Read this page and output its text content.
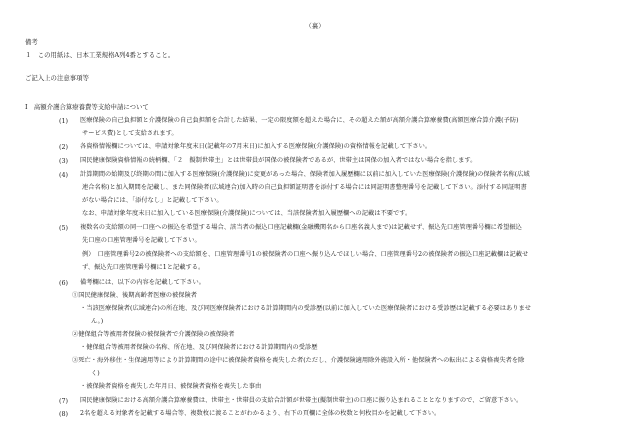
（裏）
備考
１　この用紙は、日本工業規格A列4番とすること。
ご記入上の注意事項等
Ⅰ　高額介護合算療養費等支給申請について
(1) 医療保険の自己負担額と介護保険の自己負担額を合計した結果、一定の限度額を超えた場合に、その超えた額が高額介護合算療養費(高額医療合算介護(予防)
サービス費)として支給されます。
(2) 各資格情報欄については、申請対象年度末日(記載年の7月末日)に加入する医療保険(介護保険)の資格情報を記載して下さい。
(3) 国民健康保険資格情報の続柄欄、「２　擬制世帯主」とは世帯員が国保の被保険者であるが、世帯主は国保の加入者ではない場合を指します。
(4) 計算期間の始期及び終期の間に加入する医療保険(介護保険)に変更があった場合、保険者加入履歴欄に以前に加入していた医療保険(介護保険)の保険者名称(広域
連合名称)と加入期間を記載し、また同保険者(広域連合)加入時の自己負担額証明書を添付する場合には同証明書整理番号を記載して下さい。添付する同証明書
がない場合には、「添付なし」と記載して下さい。
なお、申請対象年度末日に加入している医療保険(介護保険)については、当該保険者加入履歴欄への記載は不要です。
(5) 複数名の支給額の同一口座への振込を希望する場合、該当者の振込口座記載欄(金融機関名から口座名義人まで)は記載せず、振込先口座管理番号欄に希望振込
先口座の口座管理番号を記載して下さい。
例）　口座管理番号2の被保険者への支給額を、口座管理番号1の被保険者の口座へ振り込んでほしい場合、口座管理番号2の被保険者の振込口座記載欄は記載せ
ず、振込先口座管理番号欄に1と記載する。
(6) 備考欄には、以下の内容を記載して下さい。
①国民健康保険、後期高齢者医療の被保険者
・当該医療保険者(広域連合)の所在地、及び同医療保険者における計算期間内の受診歴(以前に加入していた医療保険者における受診歴は記載する必要はありませ
ん。)
②健保組合等被用者保険の被保険者で介護保険の被保険者
・健保組合等被用者保険の名称、所在地、及び同保険者における計算期間内の受診歴
③死亡・海外移住・生保適用等により計算期間の途中に被保険者資格を喪失した者(ただし、介護保険適用除外施設入所・他保険者への転出による資格喪失者を除
く)
・被保険者資格を喪失した年月日、被保険者資格を喪失した事由
(7) 国民健康保険における高額介護合算療養費は、世帯主・世帯員の支給合計額が世帯主(擬制世帯主)の口座に振り込まれることとなりますので、ご留意下さい。
(8) 2名を超える対象者を記載する場合等、複数枚に渡ることがわかるよう、右下の頁欄に全体の枚数と何枚目かを記載して下さい。
